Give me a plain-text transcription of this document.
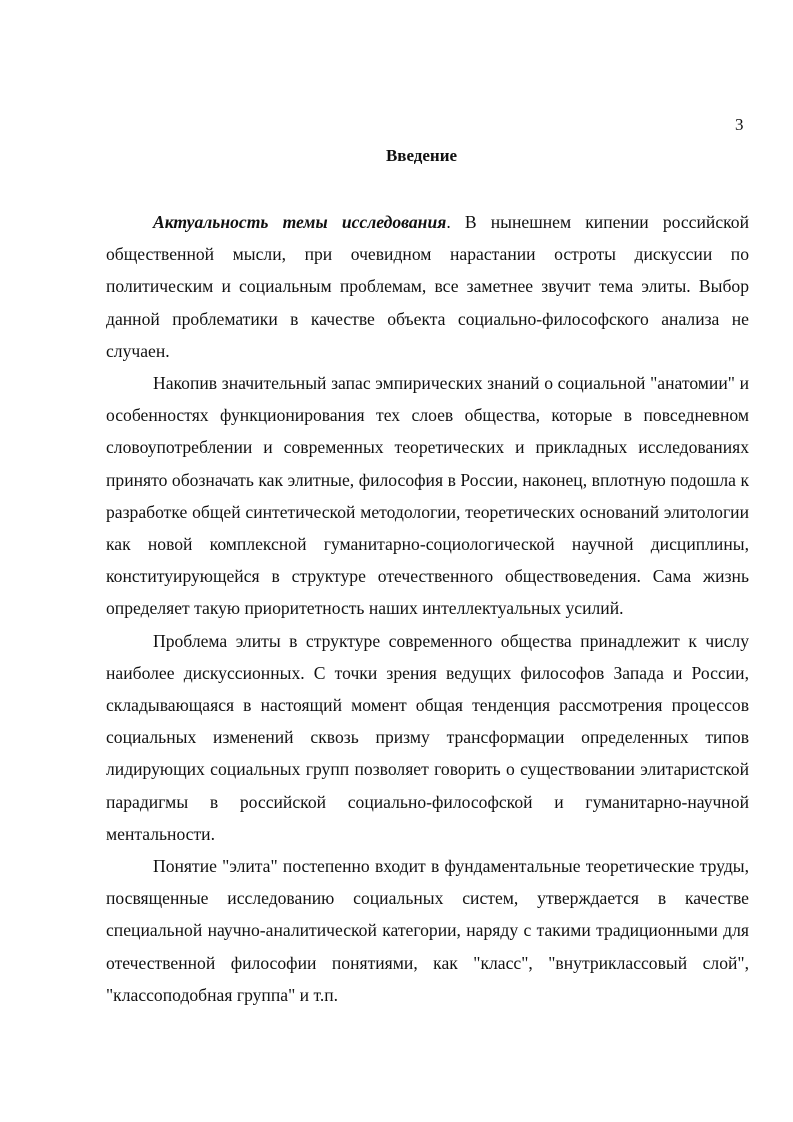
3
Введение

Актуальность темы исследования. В нынешнем кипении российской общественной мысли, при очевидном нарастании остроты дискуссии по политическим и социальным проблемам, все заметнее звучит тема элиты. Выбор данной проблематики в качестве объекта социально-философского анализа не случаен.

Накопив значительный запас эмпирических знаний о социальной "анатомии" и особенностях функционирования тех слоев общества, которые в повседневном словоупотреблении и современных теоретических и прикладных исследованиях принято обозначать как элитные, философия в России, наконец, вплотную подошла к разработке общей синтетической методологии, теоретических оснований элитологии как новой комплексной гуманитарно-социологической научной дисциплины, конституирующейся в структуре отечественного обществоведения. Сама жизнь определяет такую приоритетность наших интеллектуальных усилий.

Проблема элиты в структуре современного общества принадлежит к числу наиболее дискуссионных. С точки зрения ведущих философов Запада и России, складывающаяся в настоящий момент общая тенденция рассмотрения процессов социальных изменений сквозь призму трансформации определенных типов лидирующих социальных групп позволяет говорить о существовании элитаристской парадигмы в российской социально-философской и гуманитарно-научной ментальности.

Понятие "элита" постепенно входит в фундаментальные теоретические труды, посвященные исследованию социальных систем, утверждается в качестве специальной научно-аналитической категории, наряду с такими традиционными для отечественной философии понятиями, как "класс", "внутриклассовый слой", "классоподобная группа" и т.п.
